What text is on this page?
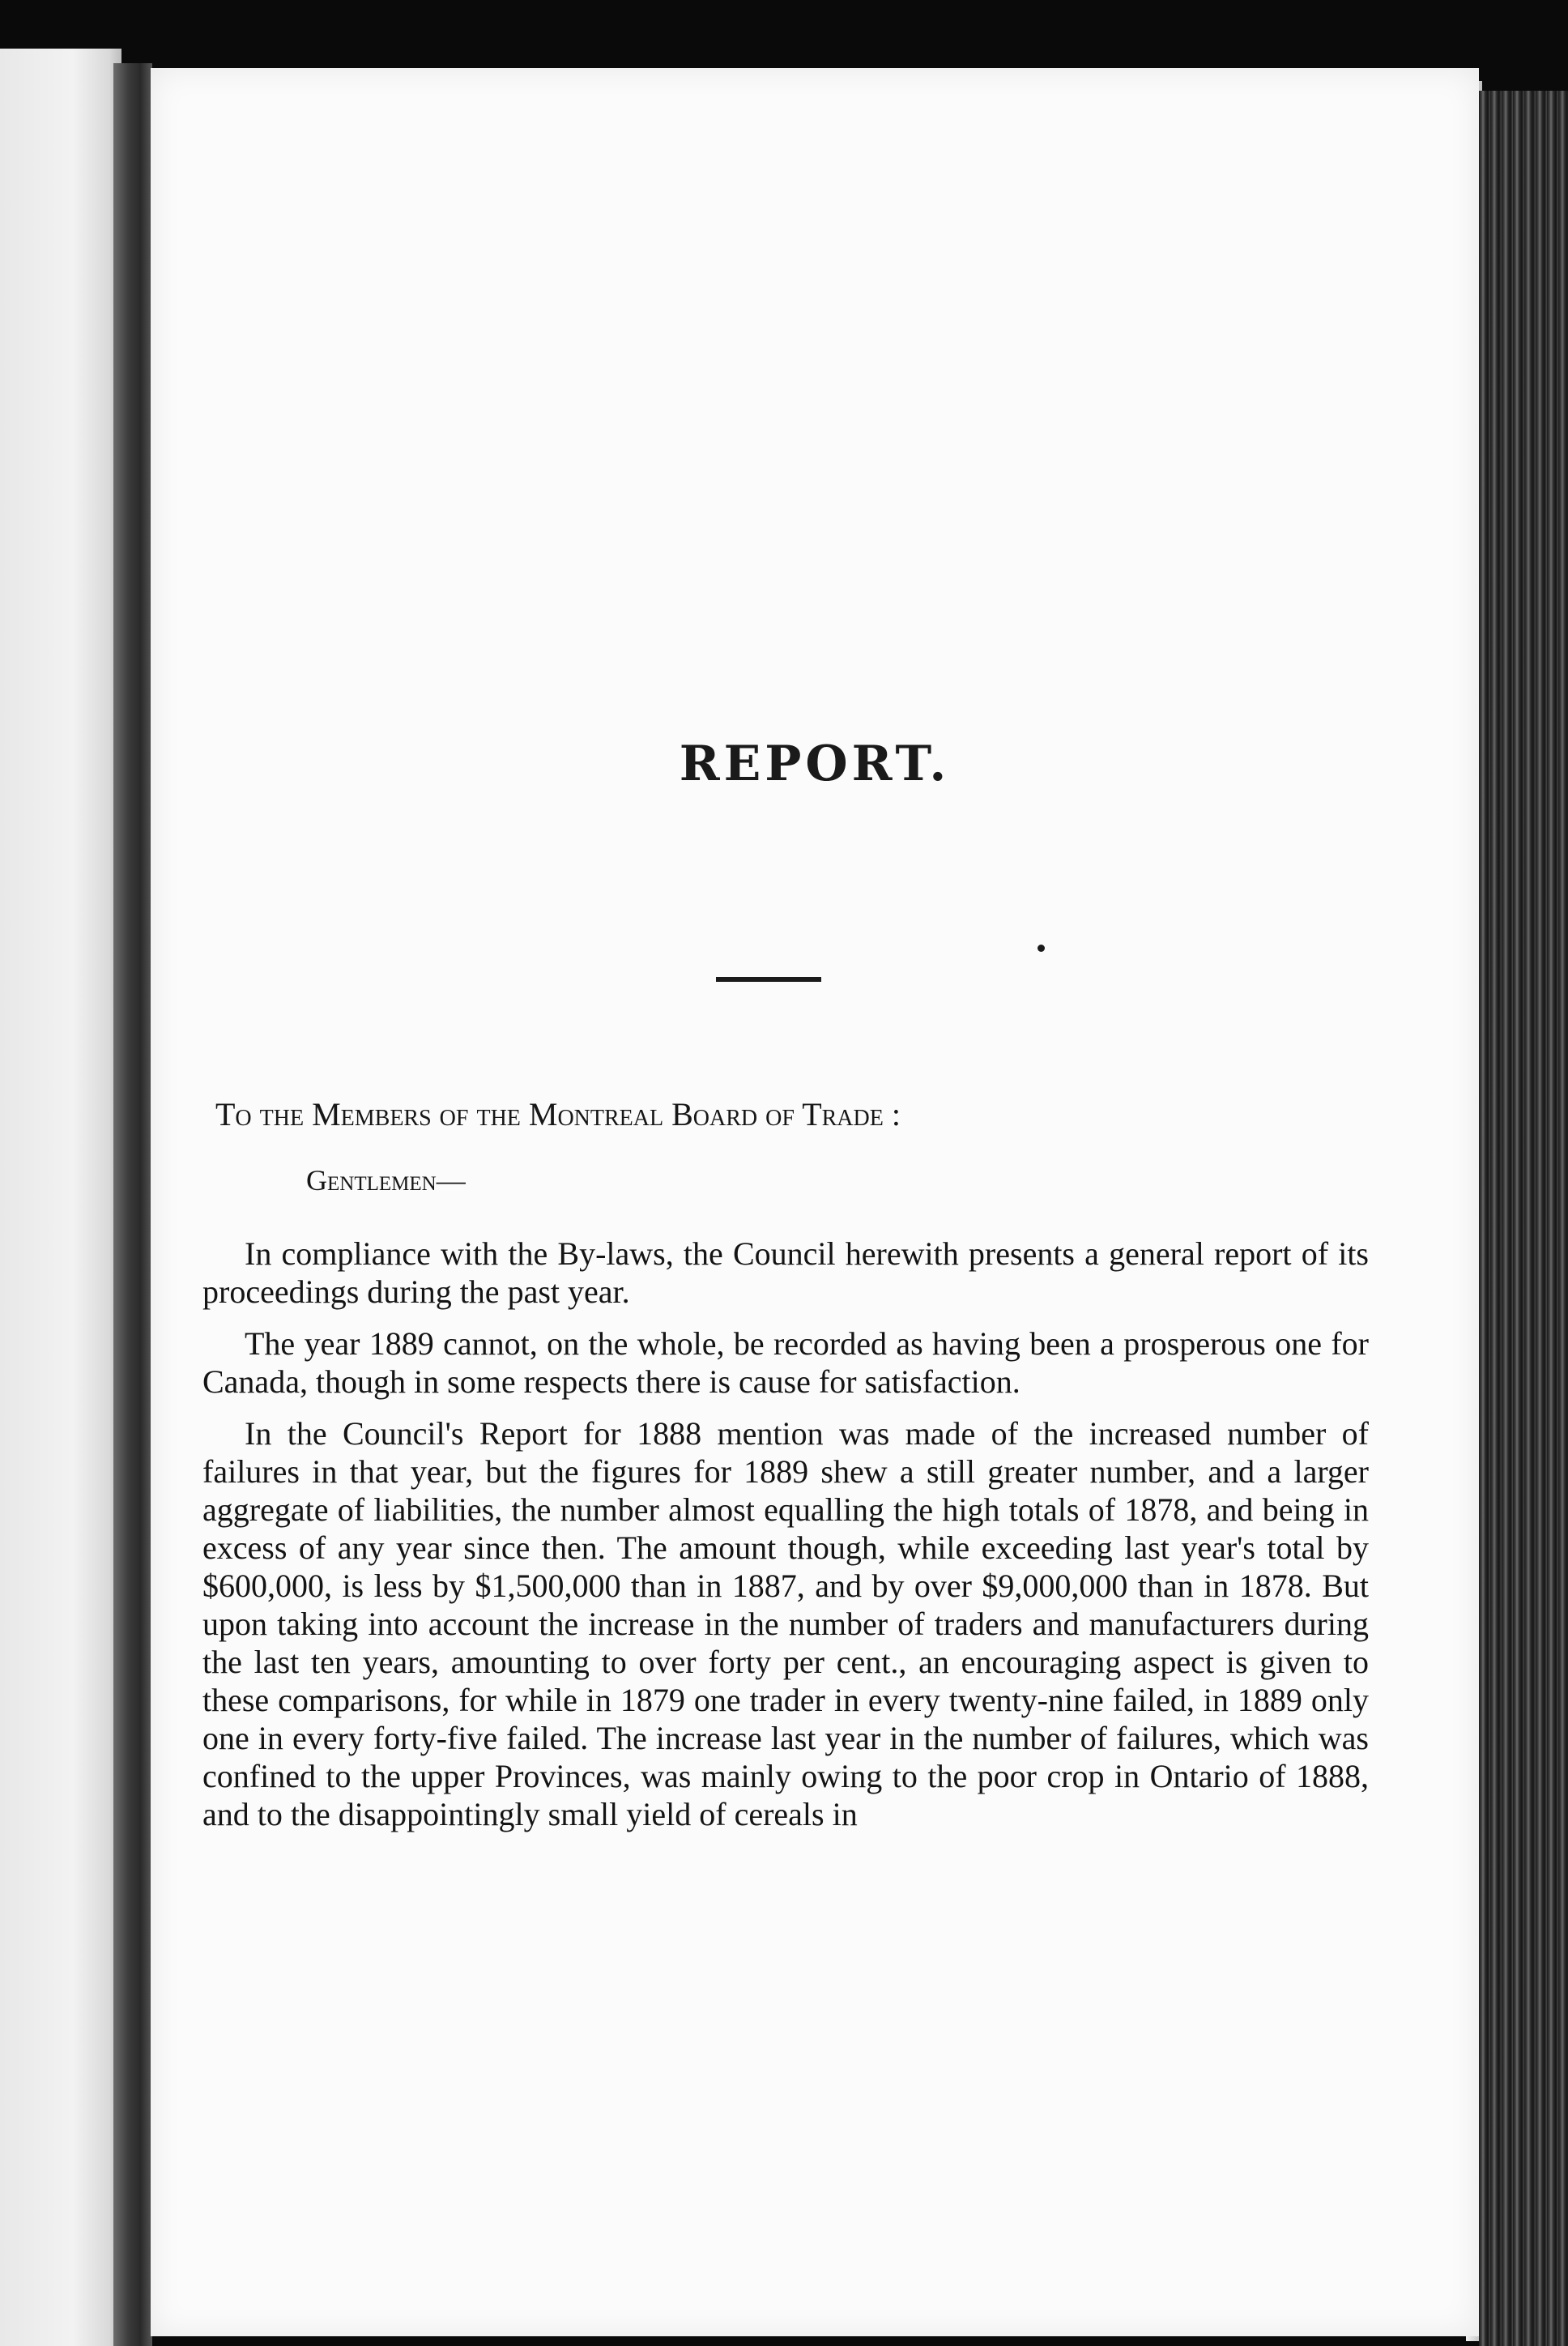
REPORT.

To the Members of the Montreal Board of Trade :

Gentlemen—

In compliance with the By-laws, the Council herewith presents a general report of its proceedings during the past year.

The year 1889 cannot, on the whole, be recorded as having been a prosperous one for Canada, though in some respects there is cause for satisfaction.

In the Council's Report for 1888 mention was made of the increased number of failures in that year, but the figures for 1889 shew a still greater number, and a larger aggregate of liabilities, the number almost equalling the high totals of 1878, and being in excess of any year since then. The amount though, while exceeding last year's total by $600,000, is less by $1,500,000 than in 1887, and by over $9,000,000 than in 1878. But upon taking into account the increase in the number of traders and manufacturers during the last ten years, amounting to over forty per cent., an encouraging aspect is given to these comparisons, for while in 1879 one trader in every twenty-nine failed, in 1889 only one in every forty-five failed. The increase last year in the number of failures, which was confined to the upper Provinces, was mainly owing to the poor crop in Ontario of 1888, and to the disappointingly small yield of cereals in
